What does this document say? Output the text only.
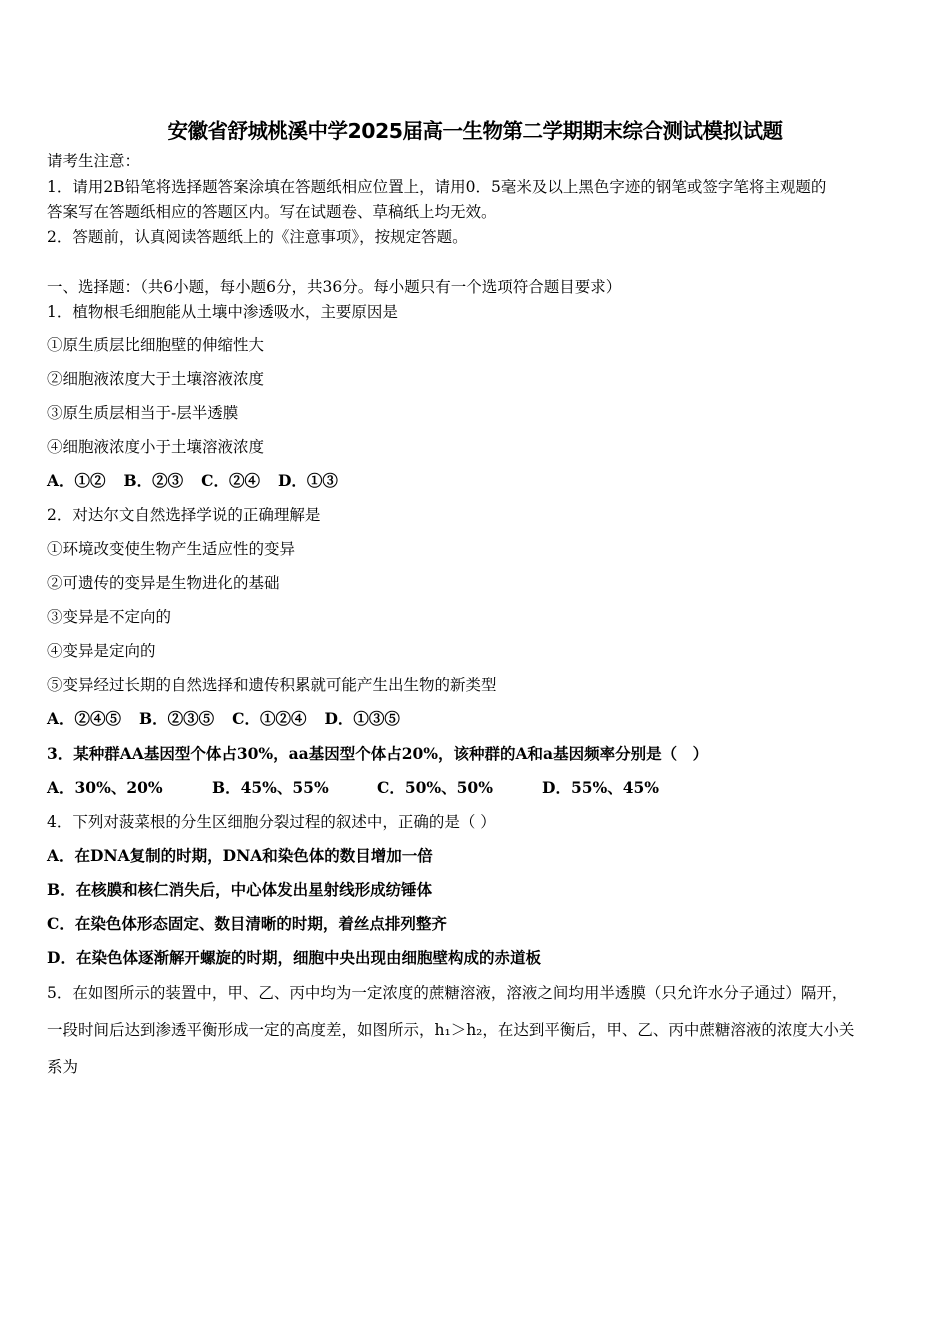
安徽省舒城桃溪中学2025届高一生物第二学期期末综合测试模拟试题
请考生注意：
1．请用2B铅笔将选择题答案涂填在答题纸相应位置上，请用0．5毫米及以上黑色字迹的钢笔或签字笔将主观题的
答案写在答题纸相应的答题区内。写在试题卷、草稿纸上均无效。
2．答题前，认真阅读答题纸上的《注意事项》，按规定答题。
一、选择题：（共6小题，每小题6分，共36分。每小题只有一个选项符合题目要求）
1．植物根毛细胞能从土壤中渗透吸水，主要原因是
①原生质层比细胞壁的伸缩性大
②细胞液浓度大于土壤溶液浓度
③原生质层相当于-层半透膜
④细胞液浓度小于土壤溶液浓度
A．①② B．②③ C．②④ D．①③
2．对达尔文自然选择学说的正确理解是
①环境改变使生物产生适应性的变异
②可遗传的变异是生物进化的基础
③变异是不定向的
④变异是定向的
⑤变异经过长期的自然选择和遗传积累就可能产生出生物的新类型
A．②④⑤ B．②③⑤ C．①②④ D．①③⑤
3．某种群AA基因型个体占30%，aa基因型个体占20%，该种群的A和a基因频率分别是（　）
A．30%、20%	B．45%、55%	C．50%、50%	D．55%、45%
4．下列对菠菜根的分生区细胞分裂过程的叙述中，正确的是（ ）
A．在DNA复制的时期，DNA和染色体的数目增加一倍
B．在核膜和核仁消失后，中心体发出星射线形成纺锤体
C．在染色体形态固定、数目清晰的时期，着丝点排列整齐
D．在染色体逐渐解开螺旋的时期，细胞中央出现由细胞壁构成的赤道板
5．在如图所示的装置中，甲、乙、丙中均为一定浓度的蔗糖溶液，溶液之间均用半透膜（只允许水分子通过）隔开，
一段时间后达到渗透平衡形成一定的高度差，如图所示，h₁＞h₂，在达到平衡后，甲、乙、丙中蔗糖溶液的浓度大小关
系为
